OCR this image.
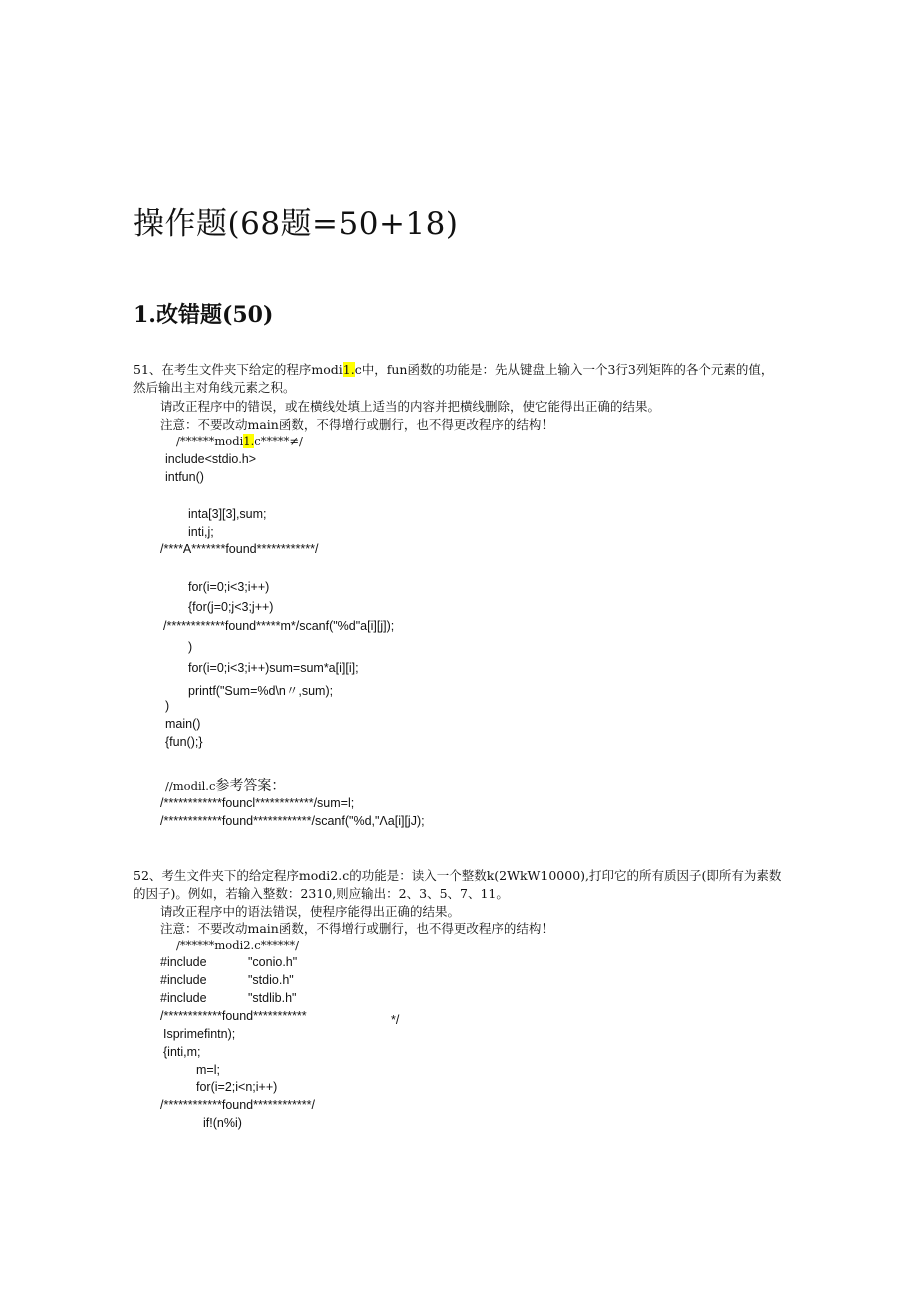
操作题(68题=50+18)
1.改错题(50)
51、在考生文件夹下给定的程序modi1.c中，fun函数的功能是：先从键盘上输入一个3行3列矩阵的各个元素的值，
然后输出主对角线元素之积。
请改正程序中的错误，或在横线处填上适当的内容并把横线删除，使它能得出正确的结果。
注意：不要改动main函数，不得增行或删行，也不得更改程序的结构！
/******modi1.c*****≠/
include<stdio.h>
intfun()
inta[3][3],sum;
inti,j;
/****A*******found************/
for(i=0;i<3;i++)
{for(j=0;j<3;j++)
/************found*****m*/scanf("%d"a[i][j]);
)
for(i=0;i<3;i++)sum=sum*a[i][i];
printf("Sum=%d\n〃,sum);
)
main()
{fun();}
//modil.c参考答案：
/************founcl************/sum=l;
/************found************/scanf("%d,"Λa[i][jJ);
52、考生文件夹下的给定程序modi2.c的功能是：读入一个整数k(2WkW10000),打印它的所有质因子(即所有为素数
的因子)。例如，若输入整数：2310,则应输出：2、3、5、7、11。
请改正程序中的语法错误，使程序能得出正确的结果。
注意：不要改动main函数，不得增行或删行，也不得更改程序的结构！
/******modi2.c******/
#include	"conio.h"
#include	"stdio.h"
#include	"stdlib.h"
/************found***********	*/
Isprimefintn);
{inti,m;
m=l;
for(i=2;i<n;i++)
/************found************/
if!(n%i)
